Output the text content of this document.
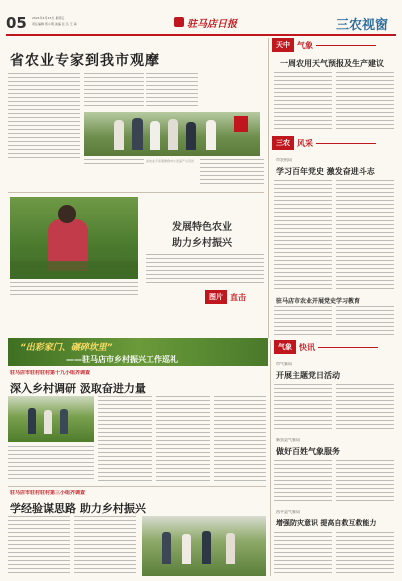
05 2021年4月23日 星期五
责任编辑 郑小明 美编 张 弘 王 真	驻马店日报	三农视窗
省农业专家到我市观摩
省农业专家观摩我市小麦高产示范田
发展特色农业
助力乡村振兴
图片 直击
天中 气象
一周农用天气预报及生产建议
三农 风采
市农机局
学习百年党史 激发奋进斗志
驻马店市农业开展党史学习教育
“出彩家门、碾碎坎里”
——驻马店市乡村振兴工作巡礼
驻马店市驻村驻村第十九小组齐调查
深入乡村调研 汲取奋进力量
驻马店市驻村驻村第三小组齐调查
学经验谋思路 助力乡村振兴
气象 快讯
市气象局
开展主题党日活动
新蔡县气象局
做好百姓气象服务
西平县气象局
增强防灾意识 提高自救互救能力
